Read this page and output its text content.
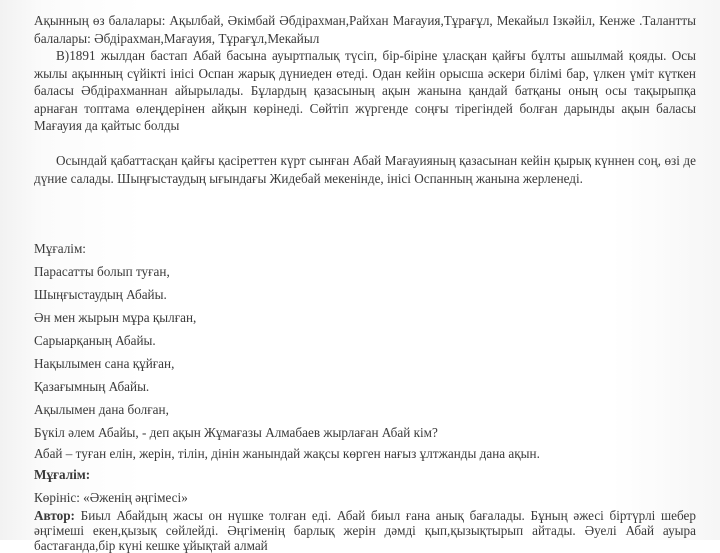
Ақынның өз балалары: Ақылбай, Әкімбай Әбдірахман,Райхан Мағауия,Тұрағұл, Мекайыл Ізкәйіл, Кенже .Талантты балалары: Әбдірахман,Мағауия, Тұрағұл,Мекайыл

В)1891 жылдан бастап Абай басына ауыртпалық түсіп, бір-біріне ұласқан қайғы бұлты ашылмай қояды. Осы жылы ақынның сүйікті інісі Оспан жарық дүниеден өтеді. Одан кейін орысша әскери білімі бар, үлкен үміт күткен баласы Әбдірахманнан айырылады. Бұлардың қазасының ақын жанына қандай батқаны оның осы тақырыпқа арнаған топтама өлеңдерінен айқын көрінеді. Сөйтіп жүргенде соңғы тірегіндей болған дарынды ақын баласы Мағауия да қайтыс болды

Осындай қабаттасқан қайғы қасіреттен күрт сынған Абай Мағауияның қазасынан кейін қырық күннен соң, өзі де дүние салады. Шыңғыстаудың ығындағы Жидебай мекенінде, інісі Оспанның жанына жерленеді.

Мұғалім:

Парасатты болып туған,

Шыңғыстаудың Абайы.

Ән мен жырын мұра қылған,

Сарыарқаның Абайы.

Нақылымен сана құйған,

Қазағымның Абайы.

Ақылымен дана болған,

Бүкіл әлем Абайы, - деп ақын Жұмағазы Алмабаев жырлаған Абай кім?

Абай – туған елін, жерін, тілін, дінін жанындай жақсы көрген нағыз ұлтжанды дана ақын.

Мұғалім:

Көрініс: «Әженің әңгімесі»

Автор: Биыл Абайдың жасы он нүшке толған еді. Абай биыл ғана анық бағалады. Бұның әжесі біртүрлі шебер әңгімеші екен,қызық сөйлейді. Әңгіменің барлық жерін дәмді қып,қызықтырып айтады. Әуелі Абай ауыра бастағанда,бір күні кешке ұйықтай алмай
